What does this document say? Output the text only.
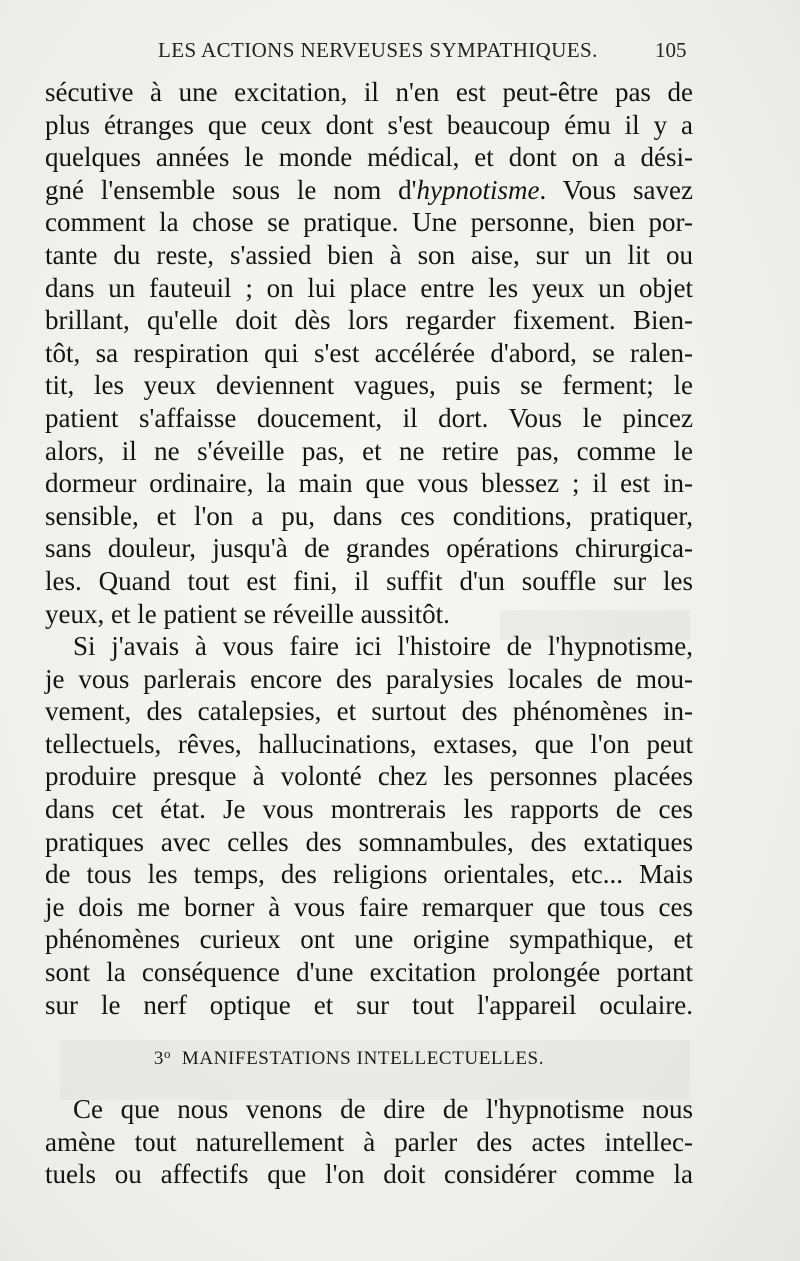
LES ACTIONS NERVEUSES SYMPATHIQUES.	105
sécutive à une excitation, il n'en est peut-être pas de
plus étranges que ceux dont s'est beaucoup ému il y a
quelques années le monde médical, et dont on a dési-
gné l'ensemble sous le nom d'hypnotisme. Vous savez
comment la chose se pratique. Une personne, bien por-
tante du reste, s'assied bien à son aise, sur un lit ou
dans un fauteuil ; on lui place entre les yeux un objet
brillant, qu'elle doit dès lors regarder fixement. Bien-
tôt, sa respiration qui s'est accélérée d'abord, se ralen-
tit, les yeux deviennent vagues, puis se ferment; le
patient s'affaisse doucement, il dort. Vous le pincez
alors, il ne s'éveille pas, et ne retire pas, comme le
dormeur ordinaire, la main que vous blessez ; il est in-
sensible, et l'on a pu, dans ces conditions, pratiquer,
sans douleur, jusqu'à de grandes opérations chirurgica-
les. Quand tout est fini, il suffit d'un souffle sur les
yeux, et le patient se réveille aussitôt.
Si j'avais à vous faire ici l'histoire de l'hypnotisme,
je vous parlerais encore des paralysies locales de mou-
vement, des catalepsies, et surtout des phénomènes in-
tellectuels, rêves, hallucinations, extases, que l'on peut
produire presque à volonté chez les personnes placées
dans cet état. Je vous montrerais les rapports de ces
pratiques avec celles des somnambules, des extatiques
de tous les temps, des religions orientales, etc... Mais
je dois me borner à vous faire remarquer que tous ces
phénomènes curieux ont une origine sympathique, et
sont la conséquence d'une excitation prolongée portant
sur le nerf optique et sur tout l'appareil oculaire.
3$^o$ MANIFESTATIONS INTELLECTUELLES.
Ce que nous venons de dire de l'hypnotisme nous
amène tout naturellement à parler des actes intellec-
tuels ou affectifs que l'on doit considérer comme la
